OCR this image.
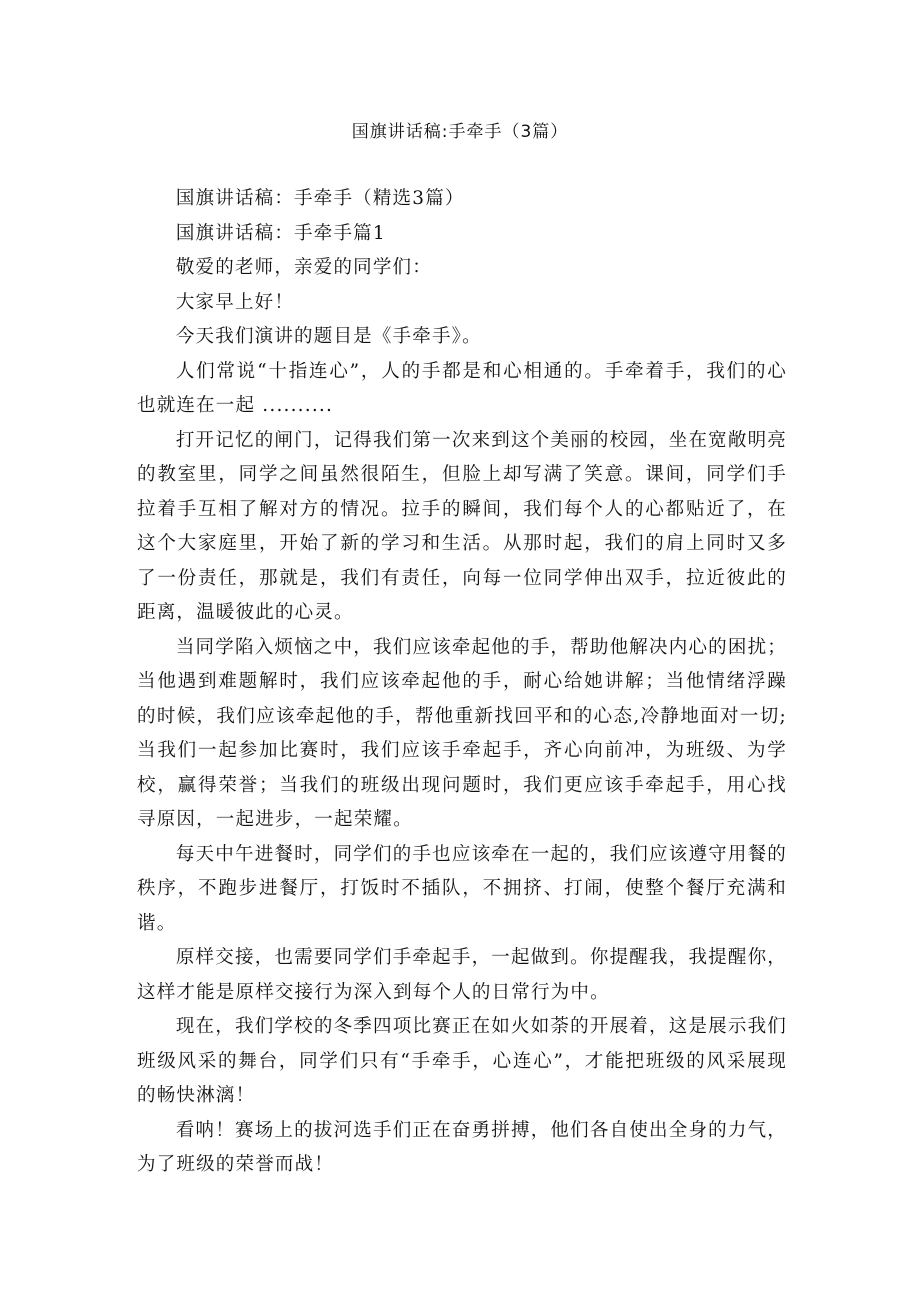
国旗讲话稿:手牵手（3篇）

国旗讲话稿：手牵手（精选3篇）

国旗讲话稿：手牵手篇1

敬爱的老师，亲爱的同学们：

大家早上好！

今天我们演讲的题目是《手牵手》。

人们常说“十指连心”，人的手都是和心相通的。手牵着手，我们的心也就连在一起 ..........

打开记忆的闸门，记得我们第一次来到这个美丽的校园，坐在宽敞明亮的教室里，同学之间虽然很陌生，但脸上却写满了笑意。课间，同学们手拉着手互相了解对方的情况。拉手的瞬间，我们每个人的心都贴近了，在这个大家庭里，开始了新的学习和生活。从那时起，我们的肩上同时又多了一份责任，那就是，我们有责任，向每一位同学伸出双手，拉近彼此的距离，温暖彼此的心灵。

当同学陷入烦恼之中，我们应该牵起他的手，帮助他解决内心的困扰；当他遇到难题解时，我们应该牵起他的手，耐心给她讲解；当他情绪浮躁的时候，我们应该牵起他的手，帮他重新找回平和的心态,冷静地面对一切;当我们一起参加比赛时，我们应该手牵起手，齐心向前冲，为班级、为学校，赢得荣誉；当我们的班级出现问题时，我们更应该手牵起手，用心找寻原因，一起进步，一起荣耀。

每天中午进餐时，同学们的手也应该牵在一起的，我们应该遵守用餐的秩序，不跑步进餐厅，打饭时不插队，不拥挤、打闹，使整个餐厅充满和谐。

原样交接，也需要同学们手牵起手，一起做到。你提醒我，我提醒你，这样才能是原样交接行为深入到每个人的日常行为中。

现在，我们学校的冬季四项比赛正在如火如荼的开展着，这是展示我们班级风采的舞台，同学们只有“手牵手，心连心”，才能把班级的风采展现的畅快淋漓！

看呐！赛场上的拔河选手们正在奋勇拼搏，他们各自使出全身的力气，为了班级的荣誉而战！
